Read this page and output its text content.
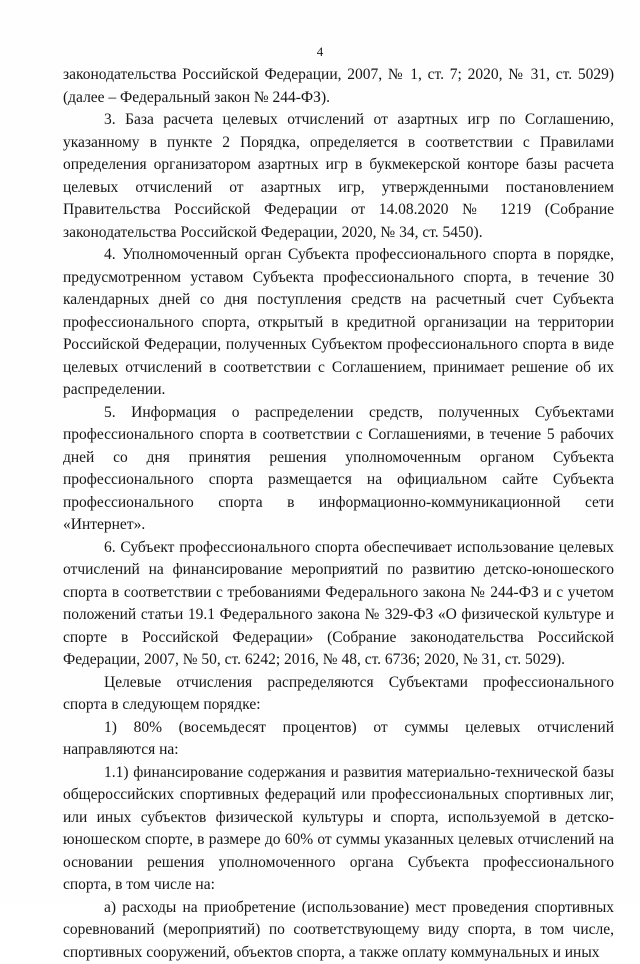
4

законодательства Российской Федерации, 2007, № 1, ст. 7; 2020, № 31, ст. 5029) (далее – Федеральный закон № 244-ФЗ).

3. База расчета целевых отчислений от азартных игр по Соглашению, указанному в пункте 2 Порядка, определяется в соответствии с Правилами определения организатором азартных игр в букмекерской конторе базы расчета целевых отчислений от азартных игр, утвержденными постановлением Правительства Российской Федерации от 14.08.2020 № 1219 (Собрание законодательства Российской Федерации, 2020, № 34, ст. 5450).

4. Уполномоченный орган Субъекта профессионального спорта в порядке, предусмотренном уставом Субъекта профессионального спорта, в течение 30 календарных дней со дня поступления средств на расчетный счет Субъекта профессионального спорта, открытый в кредитной организации на территории Российской Федерации, полученных Субъектом профессионального спорта в виде целевых отчислений в соответствии с Соглашением, принимает решение об их распределении.

5. Информация о распределении средств, полученных Субъектами профессионального спорта в соответствии с Соглашениями, в течение 5 рабочих дней со дня принятия решения уполномоченным органом Субъекта профессионального спорта размещается на официальном сайте Субъекта профессионального спорта в информационно-коммуникационной сети «Интернет».

6. Субъект профессионального спорта обеспечивает использование целевых отчислений на финансирование мероприятий по развитию детско-юношеского спорта в соответствии с требованиями Федерального закона № 244-ФЗ и с учетом положений статьи 19.1 Федерального закона № 329-ФЗ «О физической культуре и спорте в Российской Федерации» (Собрание законодательства Российской Федерации, 2007, № 50, ст. 6242; 2016, № 48, ст. 6736; 2020, № 31, ст. 5029).

Целевые отчисления распределяются Субъектами профессионального спорта в следующем порядке:

1) 80% (восемьдесят процентов) от суммы целевых отчислений направляются на:

1.1) финансирование содержания и развития материально-технической базы общероссийских спортивных федераций или профессиональных спортивных лиг, или иных субъектов физической культуры и спорта, используемой в детско-юношеском спорте, в размере до 60% от суммы указанных целевых отчислений на основании решения уполномоченного органа Субъекта профессионального спорта, в том числе на:

а) расходы на приобретение (использование) мест проведения спортивных соревнований (мероприятий) по соответствующему виду спорта, в том числе, спортивных сооружений, объектов спорта, а также оплату коммунальных и иных
